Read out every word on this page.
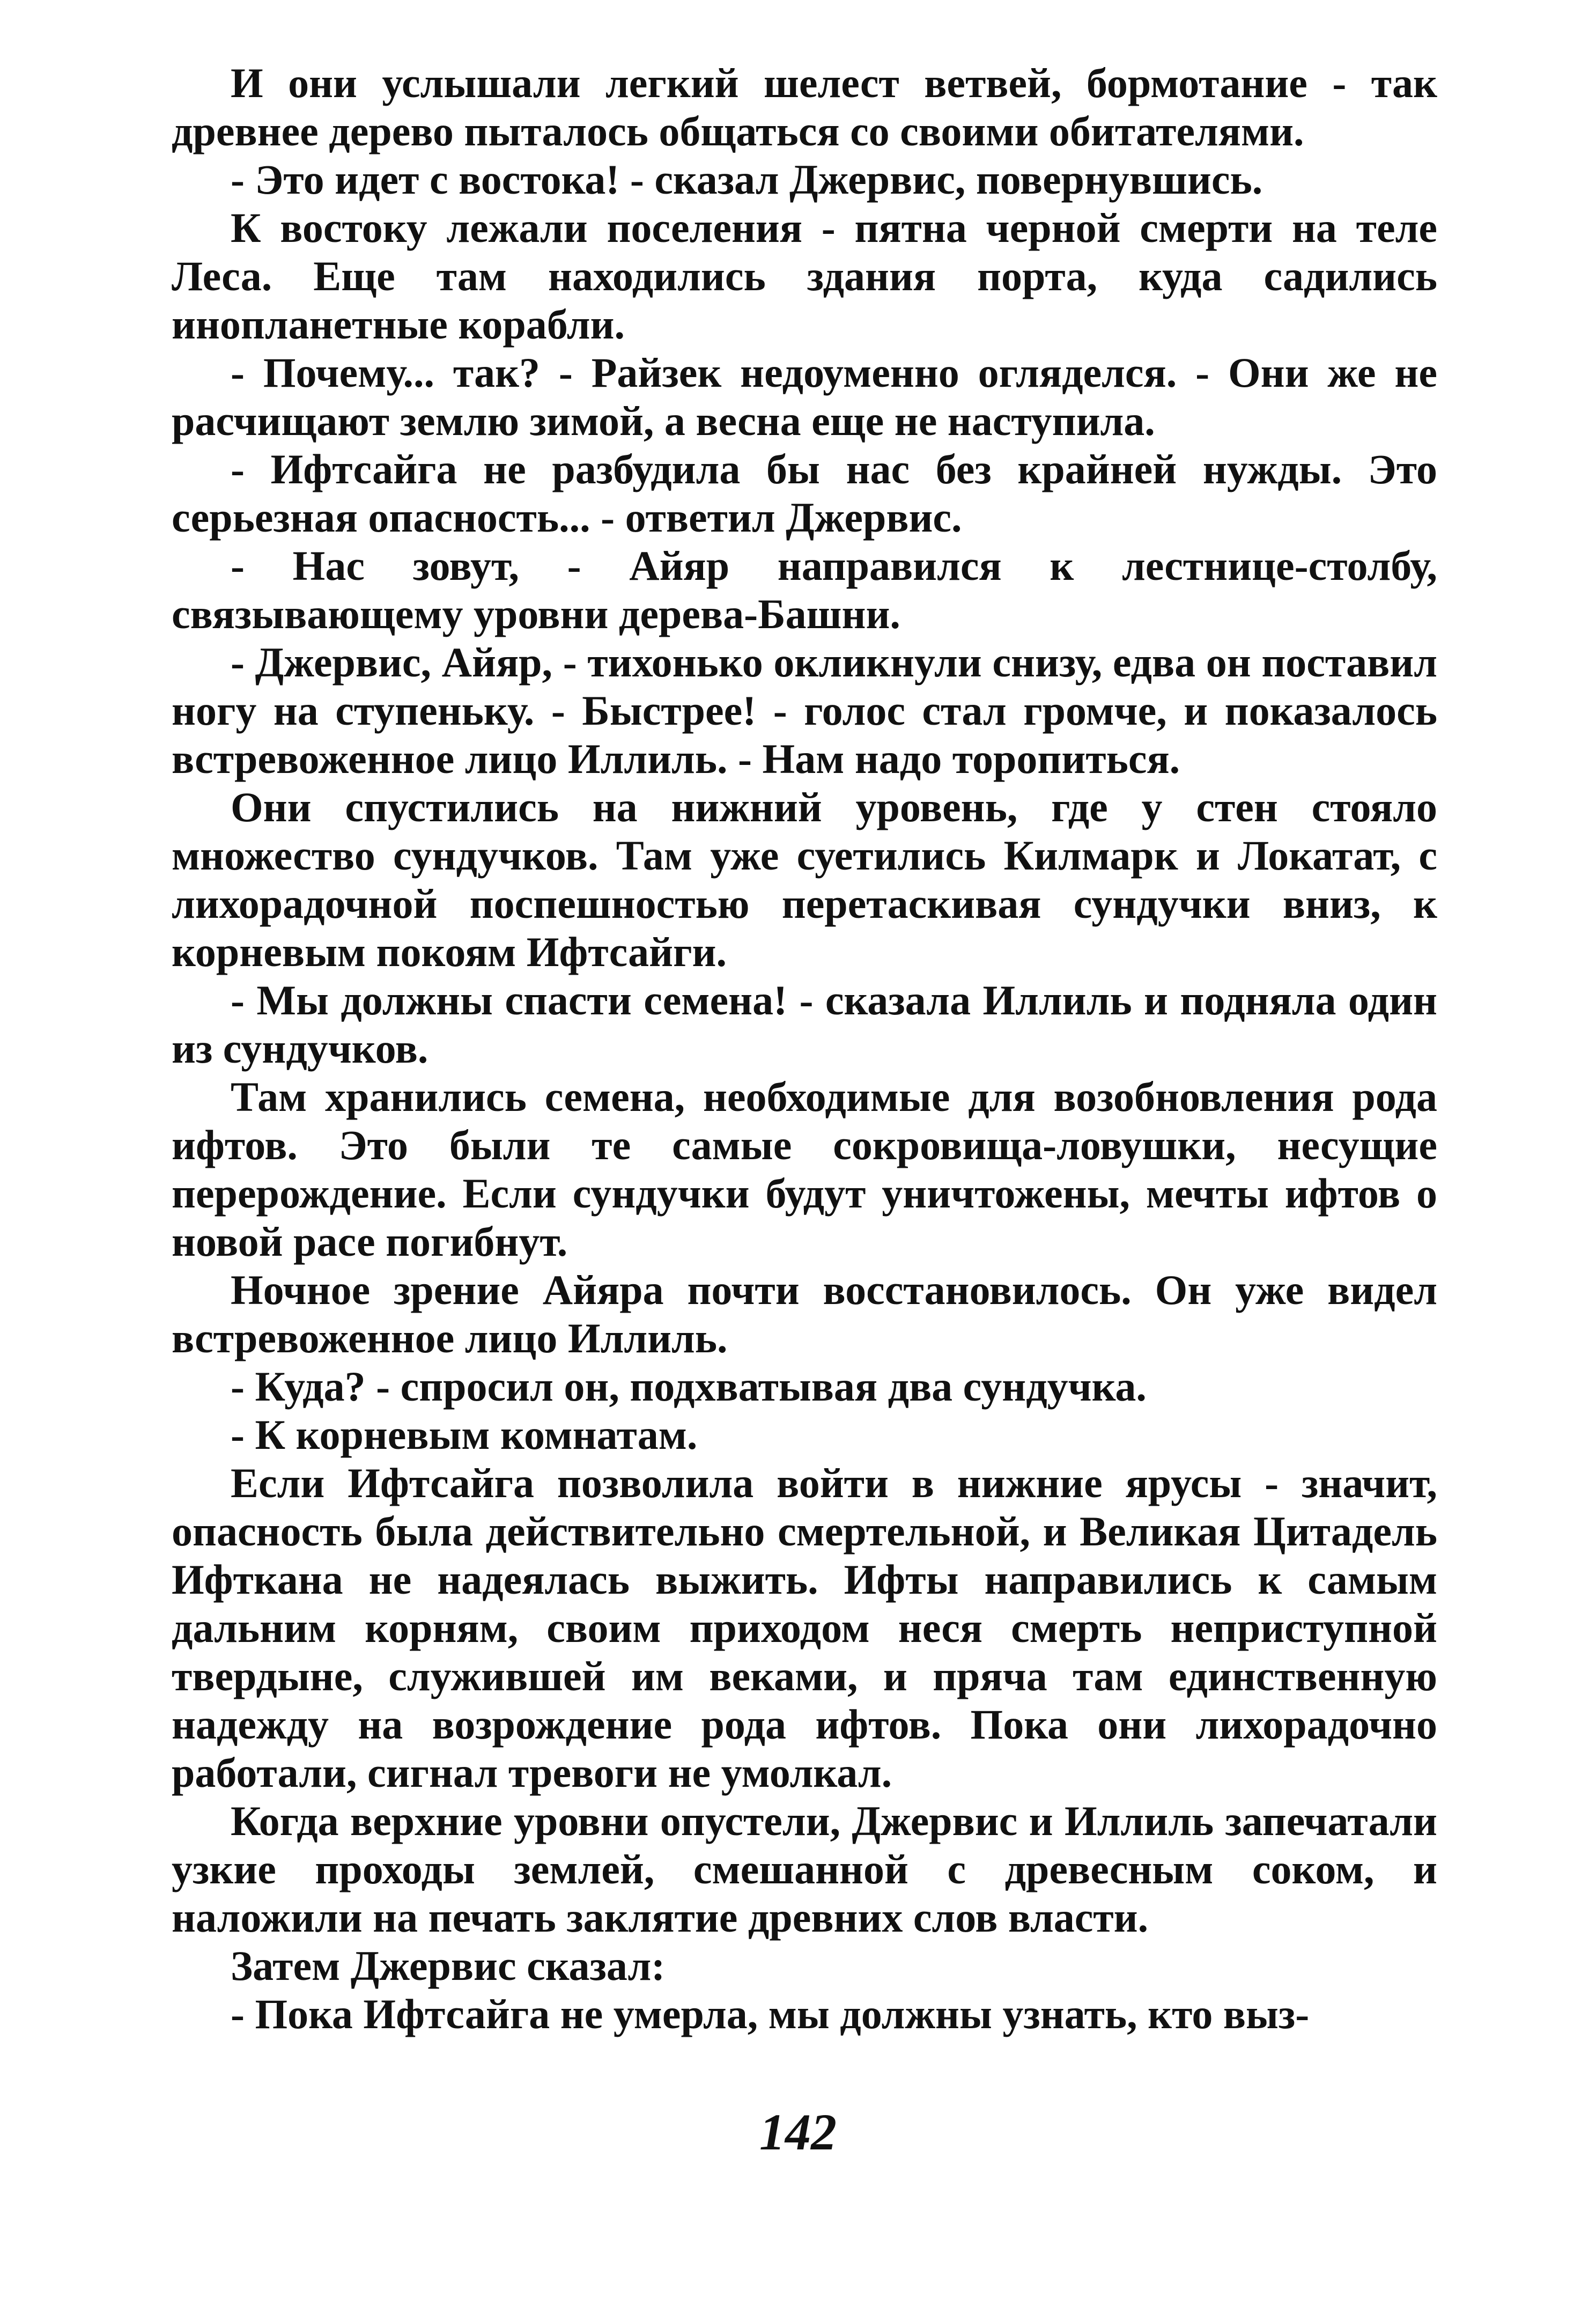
И они услышали легкий шелест ветвей, бормотание - так древнее дерево пыталось общаться со своими обитателями.

- Это идет с востока! - сказал Джервис, повернувшись.

К востоку лежали поселения - пятна черной смерти на теле Леса. Еще там находились здания порта, куда садились инопланетные корабли.

- Почему... так? - Райзек недоуменно огляделся. - Они же не расчищают землю зимой, а весна еще не наступила.

- Ифтсайга не разбудила бы нас без крайней нужды. Это серьезная опасность... - ответил Джервис.

- Нас зовут, - Айяр направился к лестнице-столбу, связывающему уровни дерева-Башни.

- Джервис, Айяр, - тихонько окликнули снизу, едва он поставил ногу на ступеньку. - Быстрее! - голос стал громче, и показалось встревоженное лицо Иллиль. - Нам надо торопиться.

Они спустились на нижний уровень, где у стен стояло множество сундучков. Там уже суетились Килмарк и Локатат, с лихорадочной поспешностью перетаскивая сундучки вниз, к корневым покоям Ифтсайги.

- Мы должны спасти семена! - сказала Иллиль и подняла один из сундучков.

Там хранились семена, необходимые для возобновления рода ифтов. Это были те самые сокровища-ловушки, несущие перерождение. Если сундучки будут уничтожены, мечты ифтов о новой расе погибнут.

Ночное зрение Айяра почти восстановилось. Он уже видел встревоженное лицо Иллиль.

- Куда? - спросил он, подхватывая два сундучка.

- К корневым комнатам.

Если Ифтсайга позволила войти в нижние ярусы - значит, опасность была действительно смертельной, и Великая Цитадель Ифткана не надеялась выжить. Ифты направились к самым дальним корням, своим приходом неся смерть неприступной твердыне, служившей им веками, и пряча там единственную надежду на возрождение рода ифтов. Пока они лихорадочно работали, сигнал тревоги не умолкал.

Когда верхние уровни опустели, Джервис и Иллиль запечатали узкие проходы землей, смешанной с древесным соком, и наложили на печать заклятие древних слов власти.

Затем Джервис сказал:

- Пока Ифтсайга не умерла, мы должны узнать, кто выз-

142
